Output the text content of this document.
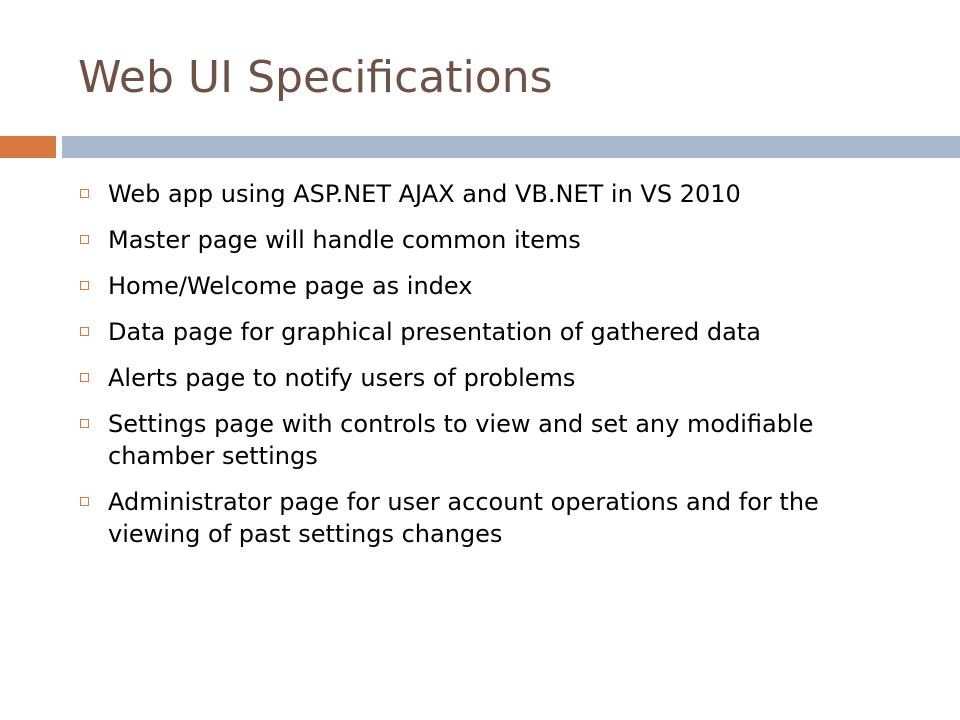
Web UI Specifications
Web app using ASP.NET AJAX and VB.NET in VS 2010
Master page will handle common items
Home/Welcome page as index
Data page for graphical presentation of gathered data
Alerts page to notify users of problems
Settings page with controls to view and set any modifiable chamber settings
Administrator page for user account operations and for the viewing of past settings changes
